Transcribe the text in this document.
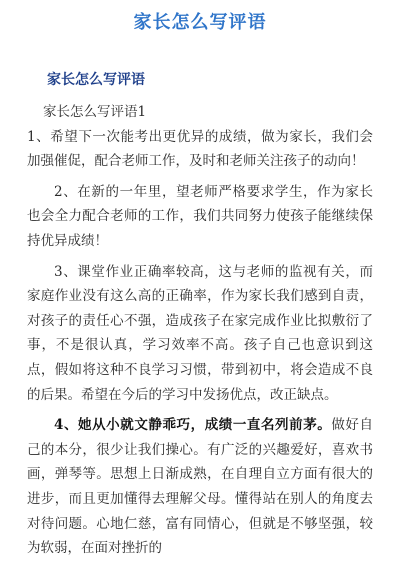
家长怎么写评语
家长怎么写评语

家长怎么写评语1

1、希望下一次能考出更优异的成绩，做为家长，我们会加强催促，配合老师工作，及时和老师关注孩子的动向！

2、在新的一年里，望老师严格要求学生，作为家长也会全力配合老师的工作，我们共同努力使孩子能继续保持优异成绩！

3、课堂作业正确率较高，这与老师的监视有关，而家庭作业没有这么高的正确率，作为家长我们感到自责，对孩子的责任心不强，造成孩子在家完成作业比拟敷衍了事，不是很认真，学习效率不高。孩子自己也意识到这点，假如将这种不良学习习惯，带到初中，将会造成不良的后果。希望在今后的学习中发扬优点，改正缺点。

4、她从小就文静乖巧，成绩一直名列前茅。做好自己的本分，很少让我们操心。有广泛的兴趣爱好，喜欢书画，弹琴等。思想上日渐成熟，在自理自立方面有很大的进步，而且更加懂得去理解父母。懂得站在别人的角度去对待问题。心地仁慈，富有同情心，但就是不够坚强，较为软弱，在面对挫折的
